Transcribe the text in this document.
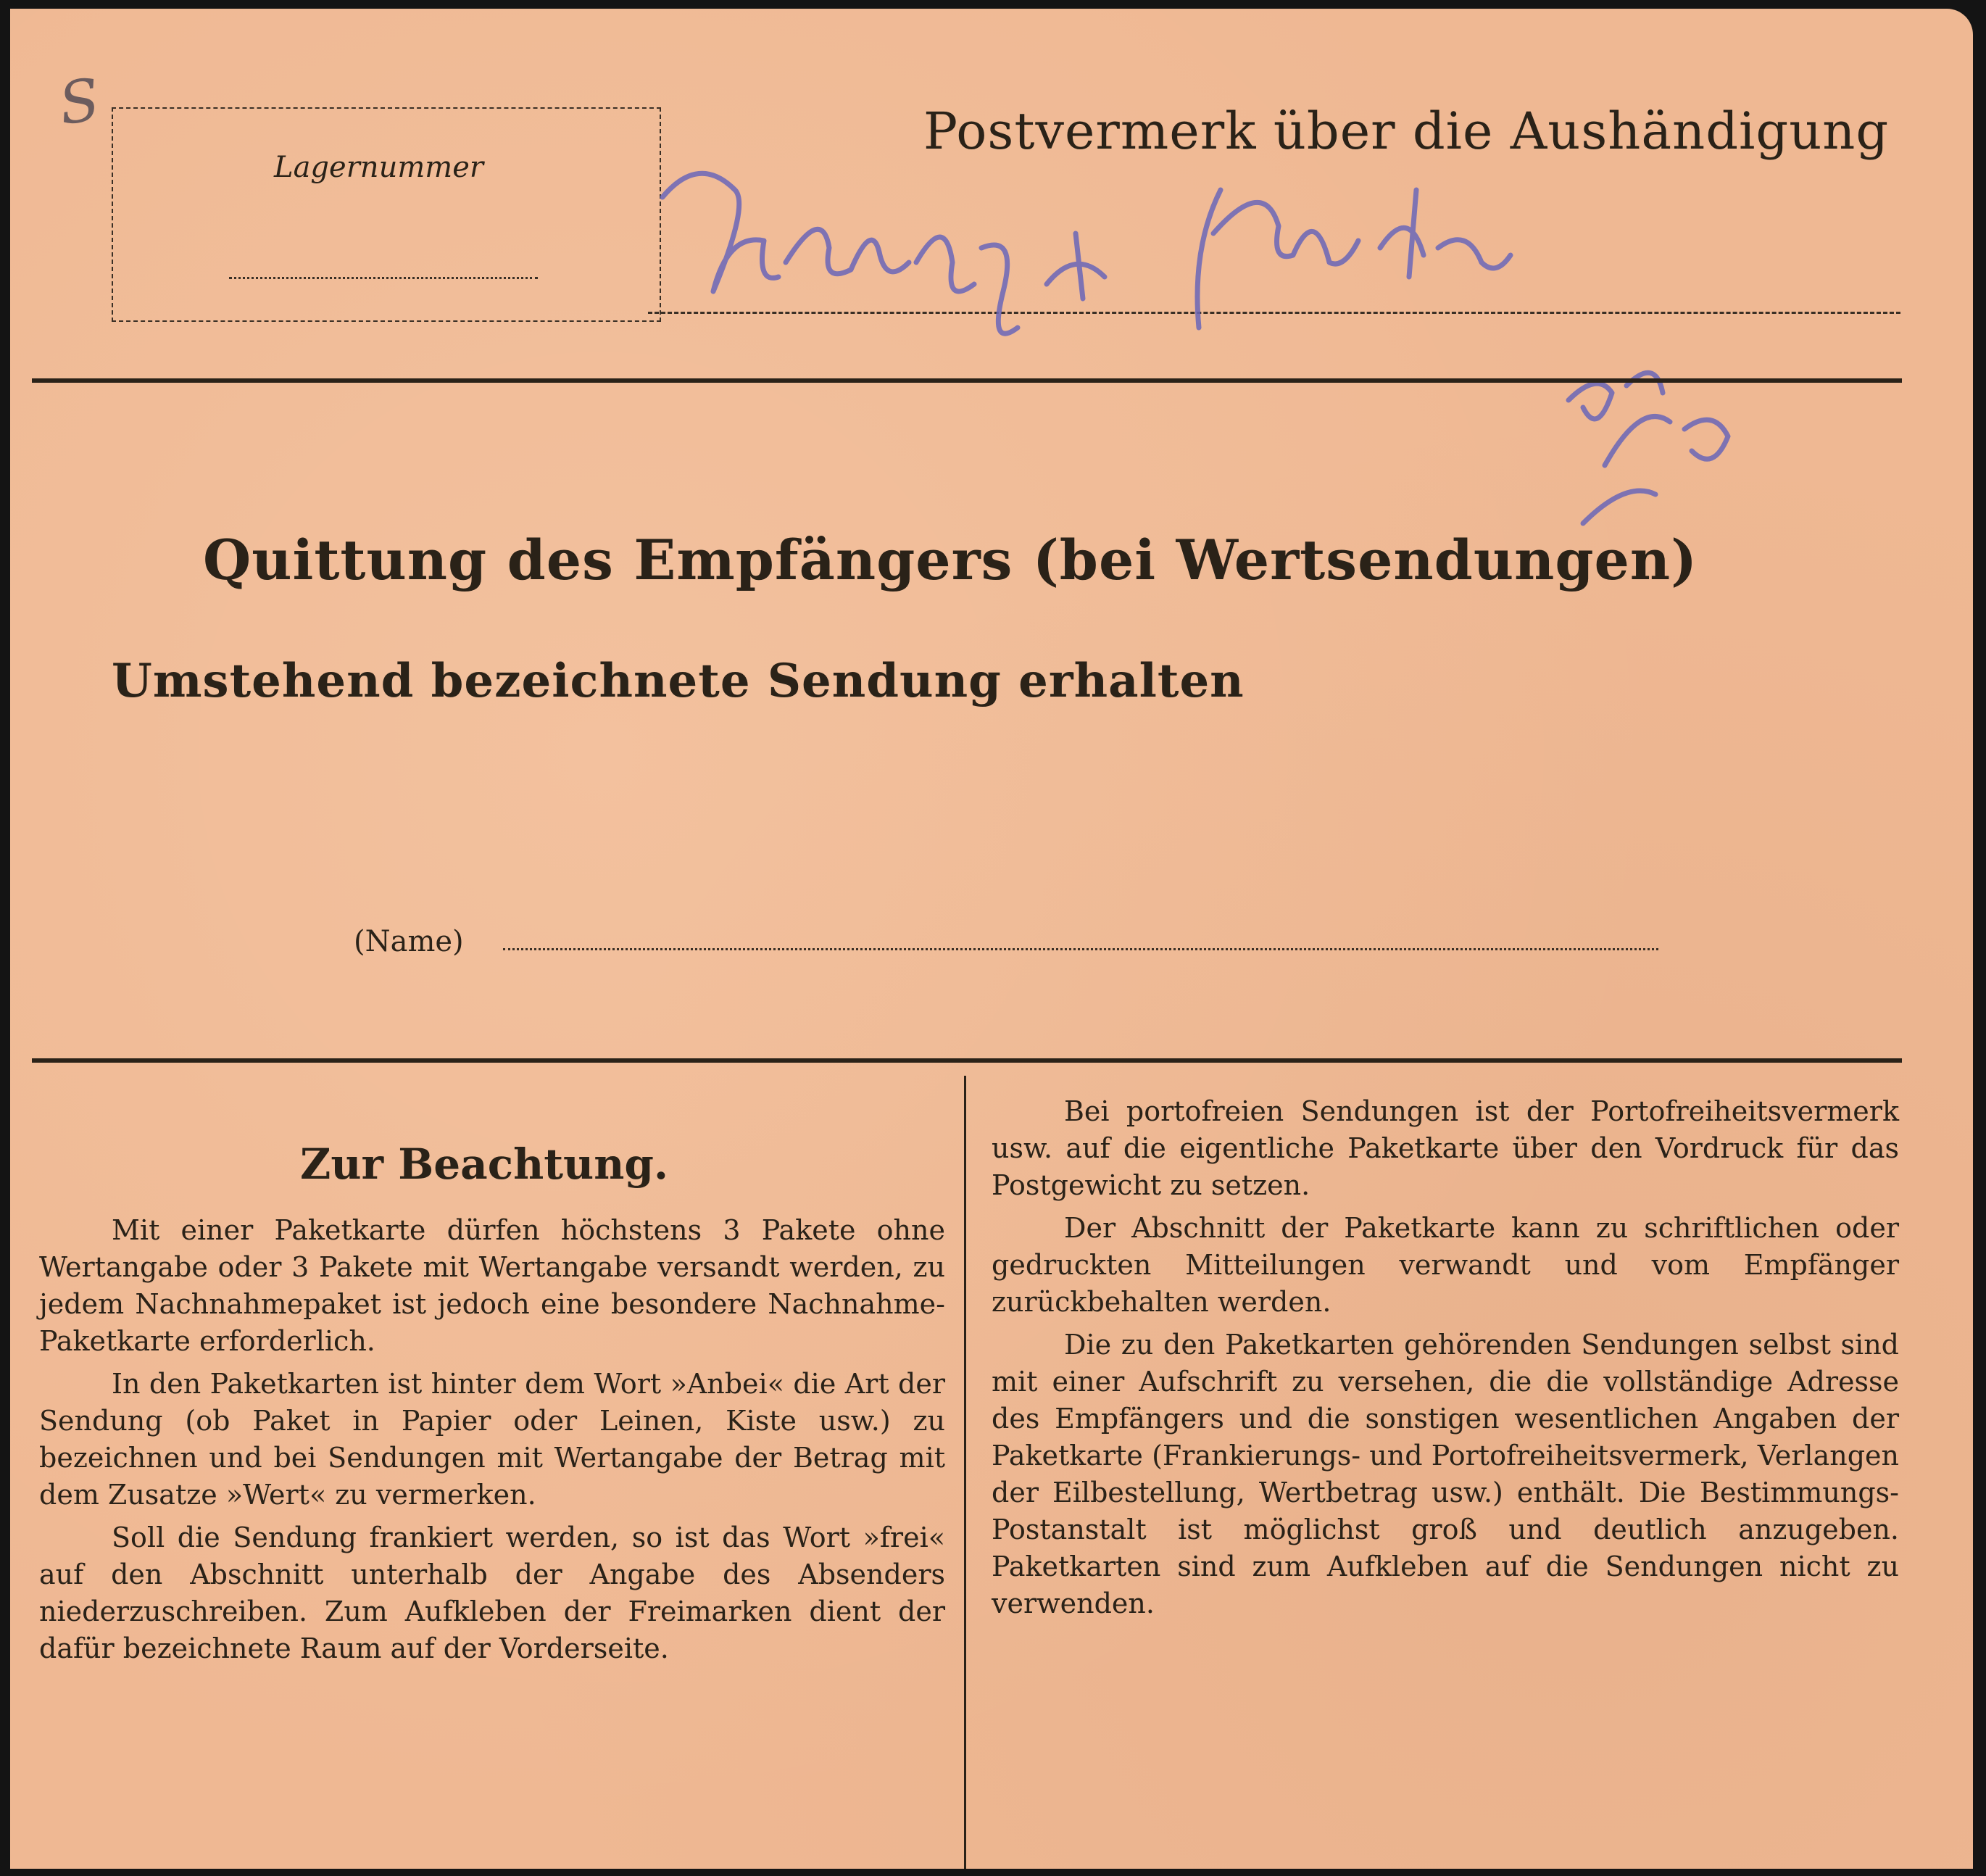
S
Lagernummer
Postvermerk über die Aushändigung
Quittung des Empfängers (bei Wertsendungen)
Umstehend bezeichnete Sendung erhalten
(Name)
Zur Beachtung.

Mit einer Paketkarte dürfen höchstens 3 Pakete ohne Wertangabe oder 3 Pakete mit Wertangabe versandt werden, zu jedem Nachnahmepaket ist jedoch eine besondere Nachnahme-Paketkarte erforderlich.

In den Paketkarten ist hinter dem Wort »Anbei« die Art der Sendung (ob Paket in Papier oder Leinen, Kiste usw.) zu bezeichnen und bei Sendungen mit Wertangabe der Betrag mit dem Zusatze »Wert« zu vermerken.

Soll die Sendung frankiert werden, so ist das Wort »frei« auf den Abschnitt unterhalb der Angabe des Absenders niederzuschreiben. Zum Aufkleben der Freimarken dient der dafür bezeichnete Raum auf der Vorderseite.

Bei portofreien Sendungen ist der Portofreiheitsvermerk usw. auf die eigentliche Paketkarte über den Vordruck für das Postgewicht zu setzen.

Der Abschnitt der Paketkarte kann zu schriftlichen oder gedruckten Mitteilungen verwandt und vom Empfänger zurückbehalten werden.

Die zu den Paketkarten gehörenden Sendungen selbst sind mit einer Aufschrift zu versehen, die die vollständige Adresse des Empfängers und die sonstigen wesentlichen Angaben der Paketkarte (Frankierungs- und Portofreiheitsvermerk, Verlangen der Eilbestellung, Wertbetrag usw.) enthält. Die Bestimmungs-Postanstalt ist möglichst groß und deutlich anzugeben. Paketkarten sind zum Aufkleben auf die Sendungen nicht zu verwenden.
